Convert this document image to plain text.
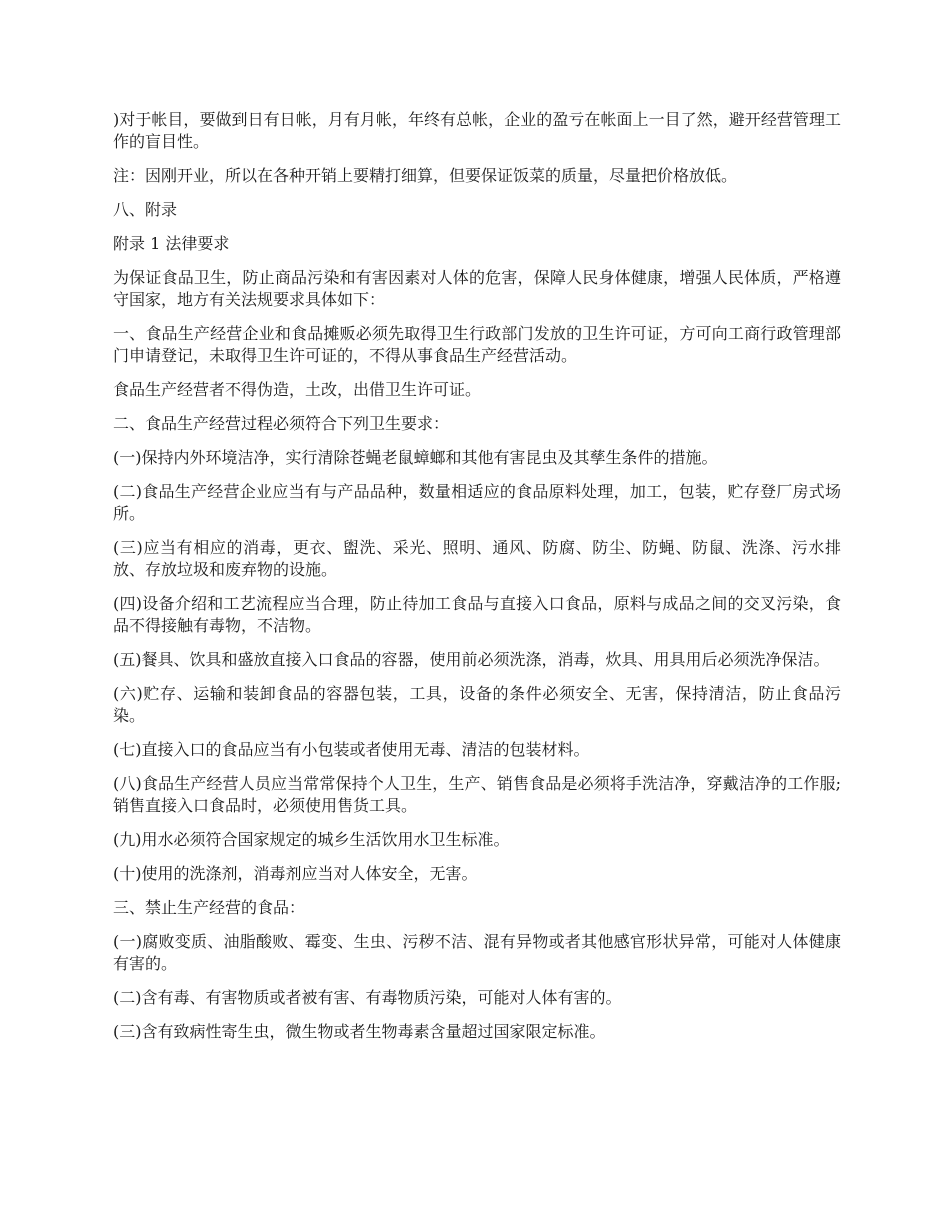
)对于帐目，要做到日有日帐，月有月帐，年终有总帐，企业的盈亏在帐面上一目了然，避开经营管理工作的盲目性。

注：因刚开业，所以在各种开销上要精打细算，但要保证饭菜的质量，尽量把价格放低。

八、附录

附录 1 法律要求

为保证食品卫生，防止商品污染和有害因素对人体的危害，保障人民身体健康，增强人民体质，严格遵守国家，地方有关法规要求具体如下：

一、食品生产经营企业和食品摊贩必须先取得卫生行政部门发放的卫生许可证，方可向工商行政管理部门申请登记，未取得卫生许可证的，不得从事食品生产经营活动。

食品生产经营者不得伪造，土改，出借卫生许可证。

二、食品生产经营过程必须符合下列卫生要求：

(一)保持内外环境洁净，实行清除苍蝇老鼠蟑螂和其他有害昆虫及其孳生条件的措施。

(二)食品生产经营企业应当有与产品品种，数量相适应的食品原料处理，加工，包装，贮存登厂房式场所。

(三)应当有相应的消毒，更衣、盥洗、采光、照明、通风、防腐、防尘、防蝇、防鼠、洗涤、污水排放、存放垃圾和废弃物的设施。

(四)设备介绍和工艺流程应当合理，防止待加工食品与直接入口食品，原料与成品之间的交叉污染，食品不得接触有毒物，不洁物。

(五)餐具、饮具和盛放直接入口食品的容器，使用前必须洗涤，消毒，炊具、用具用后必须洗净保洁。

(六)贮存、运输和装卸食品的容器包装，工具，设备的条件必须安全、无害，保持清洁，防止食品污染。

(七)直接入口的食品应当有小包装或者使用无毒、清洁的包装材料。

(八)食品生产经营人员应当常常保持个人卫生，生产、销售食品是必须将手洗洁净，穿戴洁净的工作服;销售直接入口食品时，必须使用售货工具。

(九)用水必须符合国家规定的城乡生活饮用水卫生标准。

(十)使用的洗涤剂，消毒剂应当对人体安全，无害。

三、禁止生产经营的食品：

(一)腐败变质、油脂酸败、霉变、生虫、污秽不洁、混有异物或者其他感官形状异常，可能对人体健康有害的。

(二)含有毒、有害物质或者被有害、有毒物质污染，可能对人体有害的。

(三)含有致病性寄生虫，微生物或者生物毒素含量超过国家限定标准。
